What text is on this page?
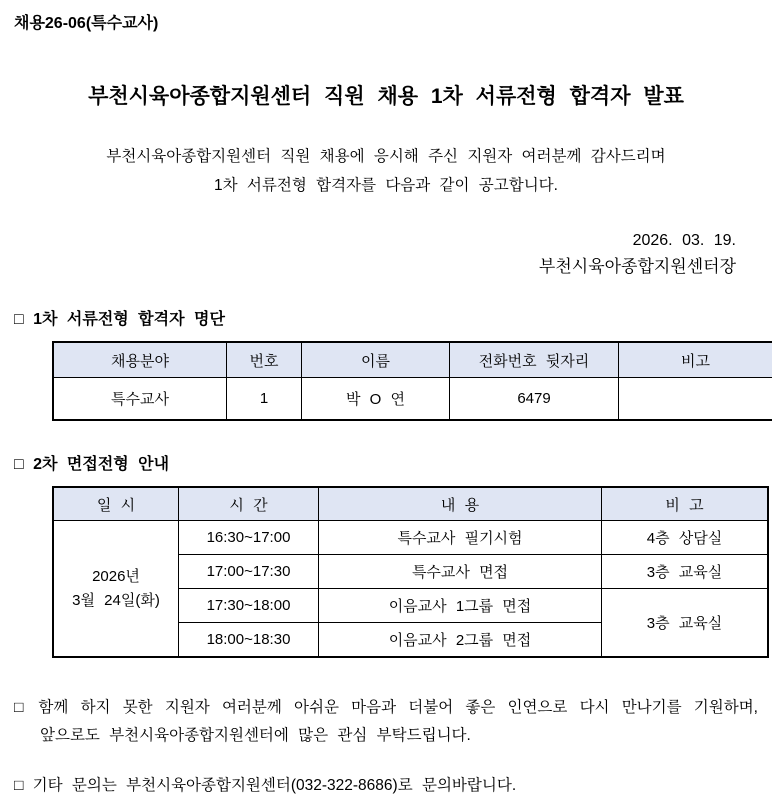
채용26-06(특수교사)
부천시육아종합지원센터 직원 채용 1차 서류전형 합격자 발표
부천시육아종합지원센터 직원 채용에 응시해 주신 지원자 여러분께 감사드리며
1차 서류전형 합격자를 다음과 같이 공고합니다.
2026. 03. 19.
부천시육아종합지원센터장
□ 1차 서류전형 합격자 명단
채용분야	번호	이름	전화번호 뒷자리	비고
특수교사	1	박 O 연	6479	
□ 2차 면접전형 안내
일 시	시 간	내 용	비 고

2026년
3월 24일(화)	16:30~17:00	특수교사 필기시험	4층 상담실
	17:00~17:30	특수교사 면접	3층 교육실
	17:30~18:00	이음교사 1그룹 면접	3층 교육실
	18:00~18:30	이음교사 2그룹 면접	
□ 함께 하지 못한 지원자 여러분께 아쉬운 마음과 더불어 좋은 인연으로 다시 만나기를 기원하며,
앞으로도 부천시육아종합지원센터에 많은 관심 부탁드립니다.
□ 기타 문의는 부천시육아종합지원센터(032-322-8686)로 문의바랍니다.
